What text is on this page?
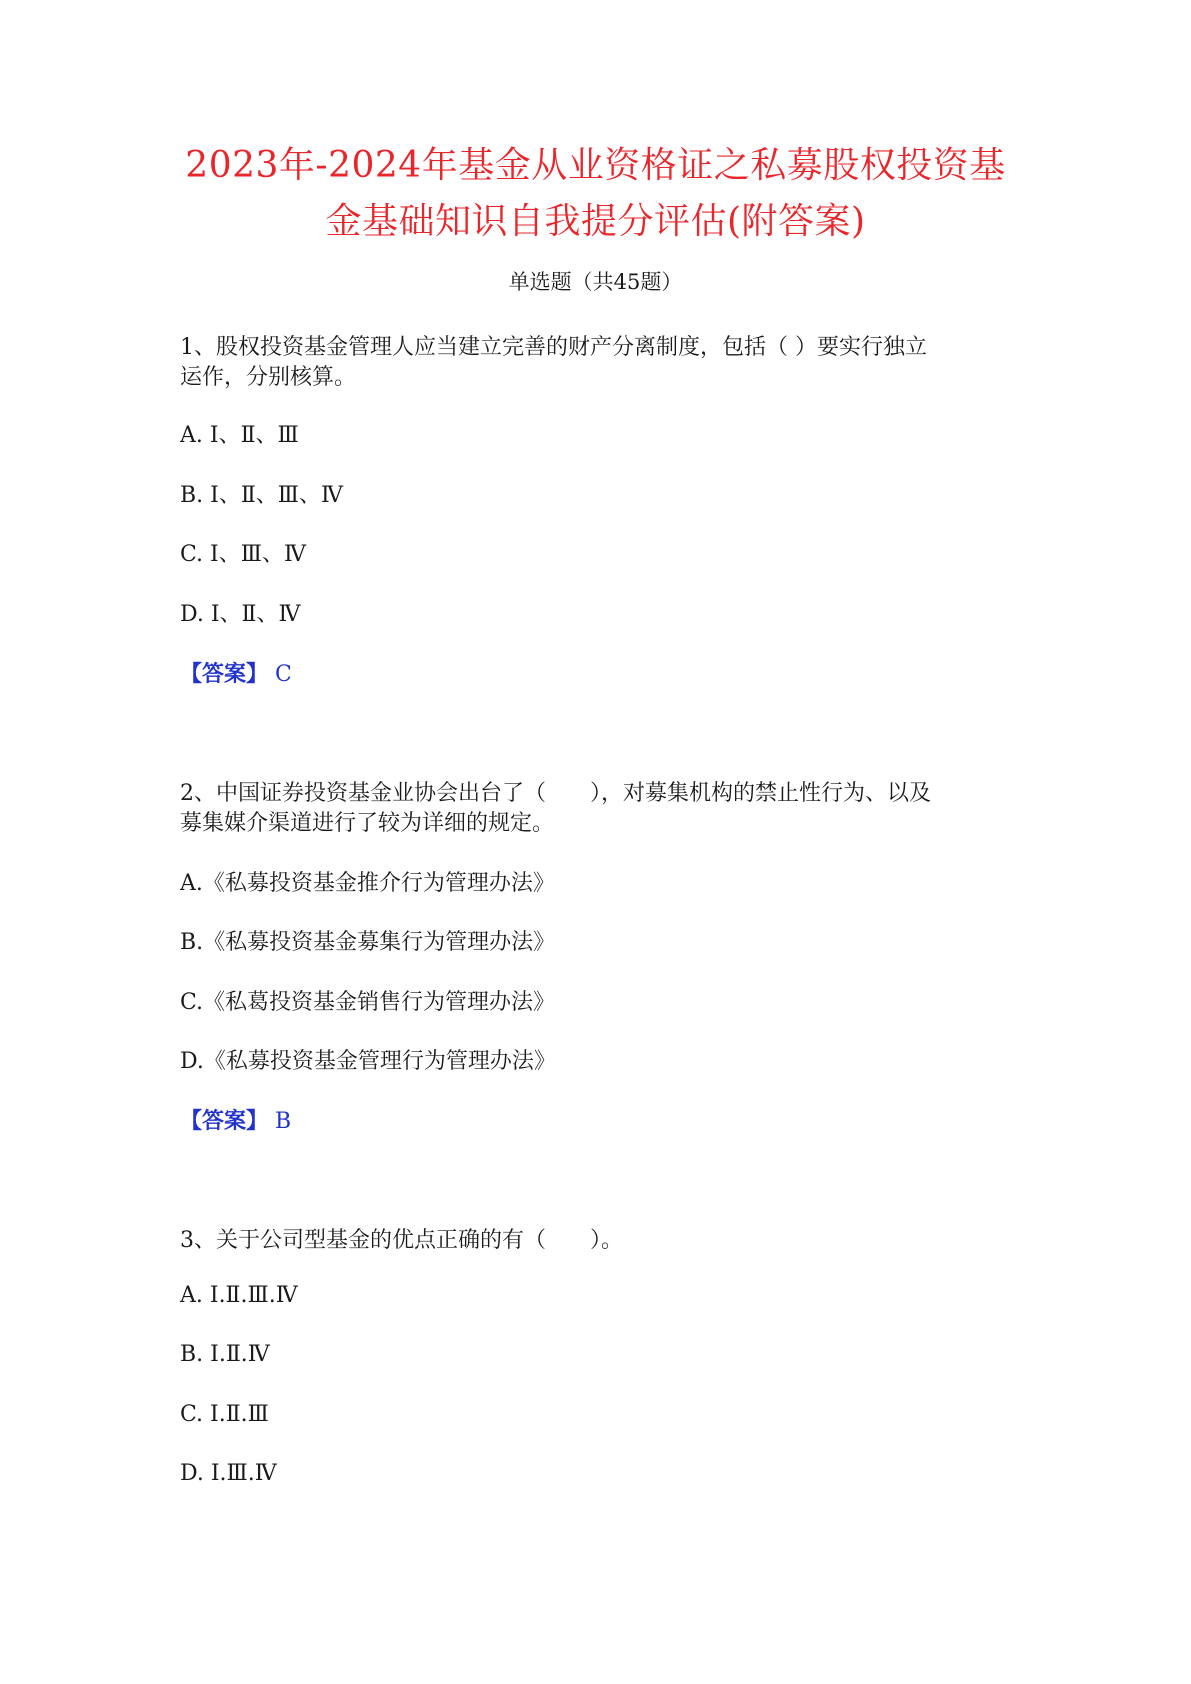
2023年-2024年基金从业资格证之私募股权投资基
金基础知识自我提分评估(附答案)
单选题（共45题）
1、股权投资基金管理人应当建立完善的财产分离制度，包括（ ）要实行独立
运作，分别核算。
A. Ⅰ、Ⅱ、Ⅲ
B. Ⅰ、Ⅱ、Ⅲ、Ⅳ
C. Ⅰ、Ⅲ、Ⅳ
D. Ⅰ、Ⅱ、Ⅳ
【答案】 C
2、中国证券投资基金业协会出台了（　　），对募集机构的禁止性行为、以及
募集媒介渠道进行了较为详细的规定。
A.《私募投资基金推介行为管理办法》
B.《私募投资基金募集行为管理办法》
C.《私葛投资基金销售行为管理办法》
D.《私募投资基金管理行为管理办法》
【答案】 B
3、关于公司型基金的优点正确的有（　　）。
A. Ⅰ.Ⅱ.Ⅲ.Ⅳ
B. Ⅰ.Ⅱ.Ⅳ
C. Ⅰ.Ⅱ.Ⅲ
D. Ⅰ.Ⅲ.Ⅳ
